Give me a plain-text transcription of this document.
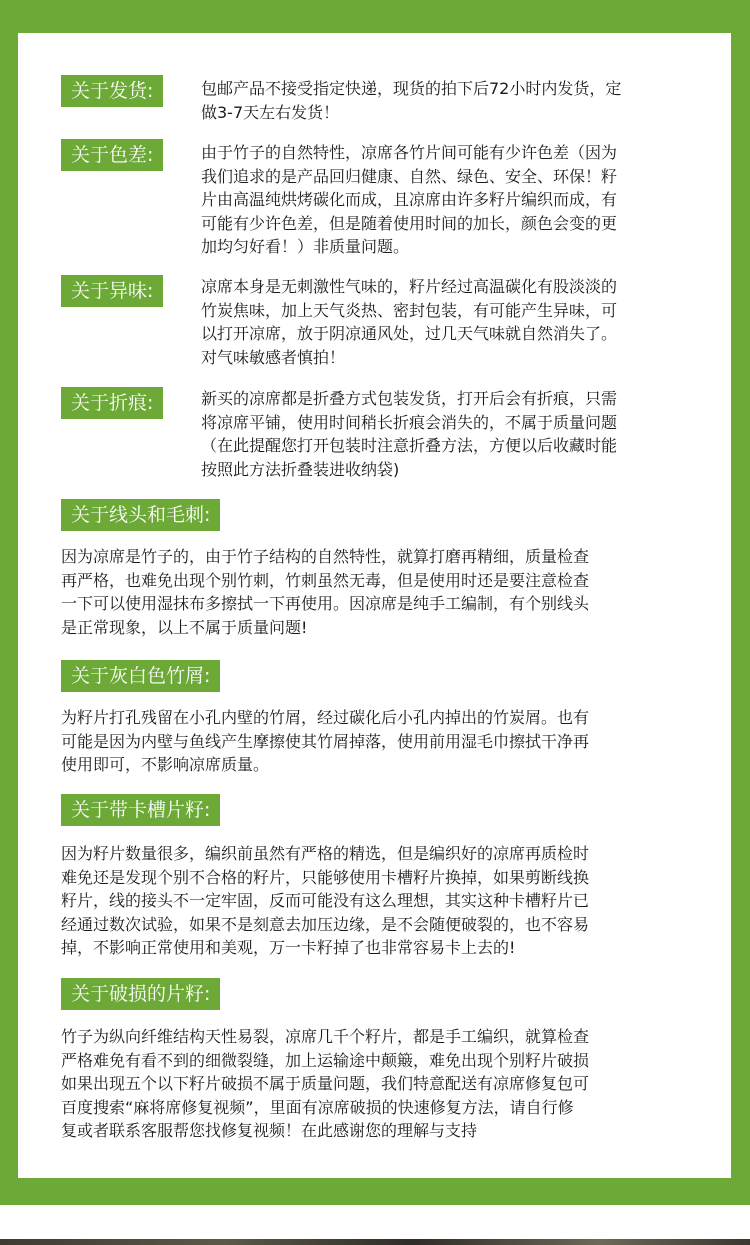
关于发货:	包邮产品不接受指定快递，现货的拍下后72小时内发货，定
做3-7天左右发货！
关于色差:	由于竹子的自然特性，凉席各竹片间可能有少许色差（因为
我们追求的是产品回归健康、自然、绿色、安全、环保！籽
片由高温纯烘烤碳化而成，且凉席由许多籽片编织而成，有
可能有少许色差，但是随着使用时间的加长，颜色会变的更
加均匀好看！）非质量问题。
关于异味:	凉席本身是无刺激性气味的，籽片经过高温碳化有股淡淡的
竹炭焦味，加上天气炎热、密封包装，有可能产生异味，可
以打开凉席，放于阴凉通风处，过几天气味就自然消失了。
对气味敏感者慎拍！
关于折痕:	新买的凉席都是折叠方式包装发货，打开后会有折痕，只需
将凉席平铺，使用时间稍长折痕会消失的，不属于质量问题
（在此提醒您打开包装时注意折叠方法，方便以后收藏时能
按照此方法折叠装进收纳袋)
关于线头和毛刺:
因为凉席是竹子的，由于竹子结构的自然特性，就算打磨再精细，质量检查
再严格，也难免出现个别竹刺，竹刺虽然无毒，但是使用时还是要注意检查
一下可以使用湿抹布多擦拭一下再使用。因凉席是纯手工编制，有个别线头
是正常现象，以上不属于质量问题!
关于灰白色竹屑:
为籽片打孔残留在小孔内壁的竹屑，经过碳化后小孔内掉出的竹炭屑。也有
可能是因为内壁与鱼线产生摩擦使其竹屑掉落，使用前用湿毛巾擦拭干净再
使用即可，不影响凉席质量。
关于带卡槽片籽:
因为籽片数量很多，编织前虽然有严格的精选，但是编织好的凉席再质检时
难免还是发现个别不合格的籽片，只能够使用卡槽籽片换掉，如果剪断线换
籽片，线的接头不一定牢固，反而可能没有这么理想，其实这种卡槽籽片已
经通过数次试验，如果不是刻意去加压边缘，是不会随便破裂的，也不容易
掉，不影响正常使用和美观，万一卡籽掉了也非常容易卡上去的!
关于破损的片籽:
竹子为纵向纤维结构天性易裂，凉席几千个籽片，都是手工编织，就算检查
严格难免有看不到的细微裂缝，加上运输途中颠簸，难免出现个别籽片破损
如果出现五个以下籽片破损不属于质量问题，我们特意配送有凉席修复包可
百度搜索“麻将席修复视频”，里面有凉席破损的快速修复方法，请自行修
复或者联系客服帮您找修复视频！在此感谢您的理解与支持
